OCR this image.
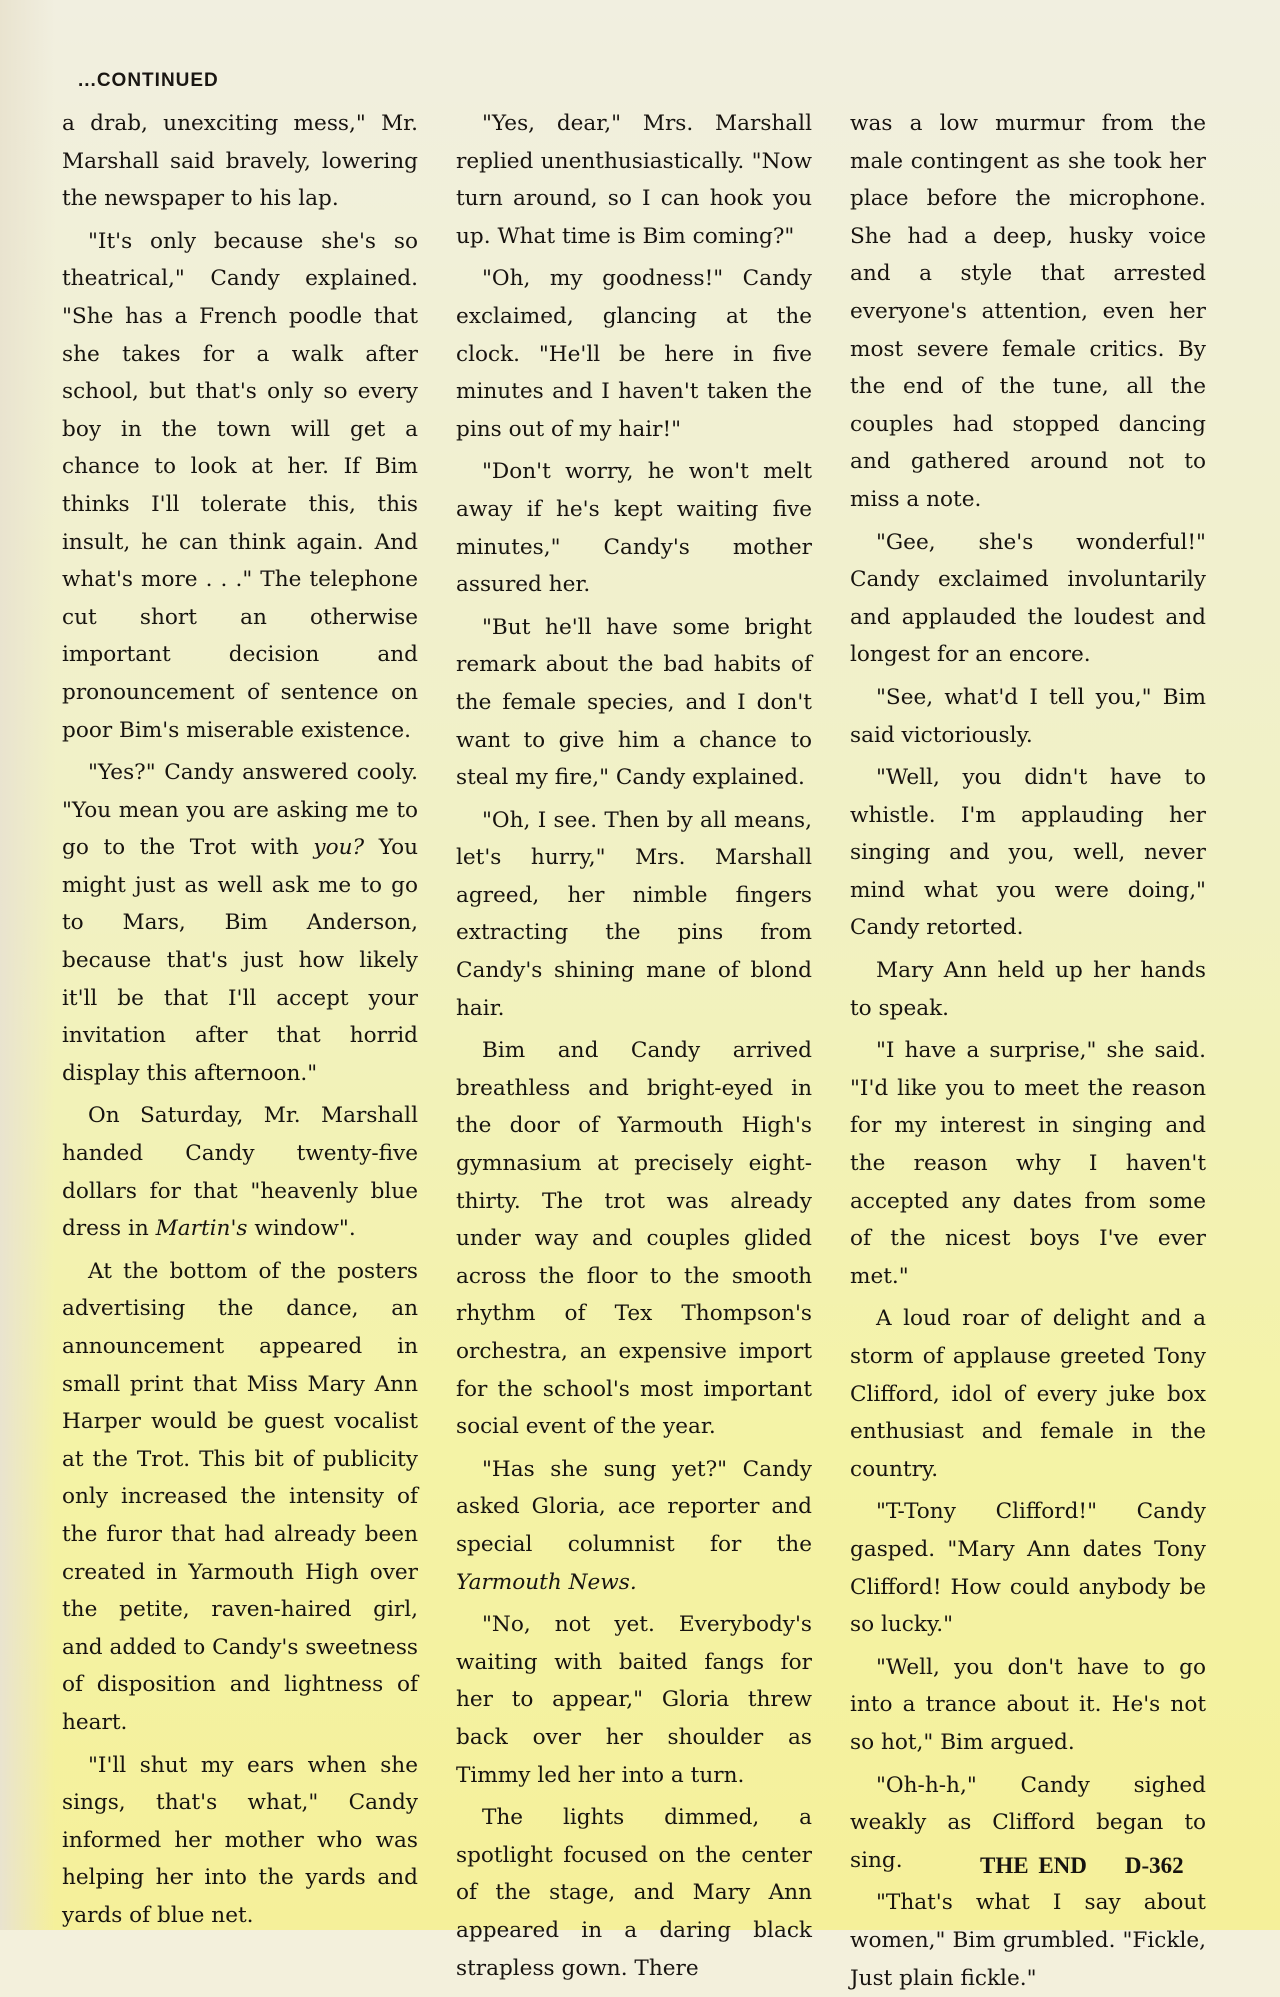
...CONTINUED

a drab, unexciting mess," Mr. Marshall said bravely, lowering the newspaper to his lap.

"It's only because she's so theatrical," Candy explained. "She has a French poodle that she takes for a walk after school, but that's only so every boy in the town will get a chance to look at her. If Bim thinks I'll tolerate this, this insult, he can think again. And what's more . . ." The telephone cut short an otherwise important decision and pronouncement of sentence on poor Bim's miserable existence.

"Yes?" Candy answered cooly. "You mean you are asking me to go to the Trot with you? You might just as well ask me to go to Mars, Bim Anderson, because that's just how likely it'll be that I'll accept your invitation after that horrid display this afternoon."

On Saturday, Mr. Marshall handed Candy twenty-five dollars for that "heavenly blue dress in Martin's window".

At the bottom of the posters advertising the dance, an announcement appeared in small print that Miss Mary Ann Harper would be guest vocalist at the Trot. This bit of publicity only increased the intensity of the furor that had already been created in Yarmouth High over the petite, raven-haired girl, and added to Candy's sweetness of disposition and lightness of heart.

"I'll shut my ears when she sings, that's what," Candy informed her mother who was helping her into the yards and yards of blue net.

"Yes, dear," Mrs. Marshall replied unenthusiastically. "Now turn around, so I can hook you up. What time is Bim coming?"

"Oh, my goodness!" Candy exclaimed, glancing at the clock. "He'll be here in five minutes and I haven't taken the pins out of my hair!"

"Don't worry, he won't melt away if he's kept waiting five minutes," Candy's mother assured her.

"But he'll have some bright remark about the bad habits of the female species, and I don't want to give him a chance to steal my fire," Candy explained.

"Oh, I see. Then by all means, let's hurry," Mrs. Marshall agreed, her nimble fingers extracting the pins from Candy's shining mane of blond hair.

Bim and Candy arrived breathless and bright-eyed in the door of Yarmouth High's gymnasium at precisely eight-thirty. The trot was already under way and couples glided across the floor to the smooth rhythm of Tex Thompson's orchestra, an expensive import for the school's most important social event of the year.

"Has she sung yet?" Candy asked Gloria, ace reporter and special columnist for the Yarmouth News.

"No, not yet. Everybody's waiting with baited fangs for her to appear," Gloria threw back over her shoulder as Timmy led her into a turn.

The lights dimmed, a spotlight focused on the center of the stage, and Mary Ann appeared in a daring black strapless gown. There

was a low murmur from the male contingent as she took her place before the microphone. She had a deep, husky voice and a style that arrested everyone's attention, even her most severe female critics. By the end of the tune, all the couples had stopped dancing and gathered around not to miss a note.

"Gee, she's wonderful!" Candy exclaimed involuntarily and applauded the loudest and longest for an encore.

"See, what'd I tell you," Bim said victoriously.

"Well, you didn't have to whistle. I'm applauding her singing and you, well, never mind what you were doing," Candy retorted.

Mary Ann held up her hands to speak.

"I have a surprise," she said. "I'd like you to meet the reason for my interest in singing and the reason why I haven't accepted any dates from some of the nicest boys I've ever met."

A loud roar of delight and a storm of applause greeted Tony Clifford, idol of every juke box enthusiast and female in the country.

"T-Tony Clifford!" Candy gasped. "Mary Ann dates Tony Clifford! How could anybody be so lucky."

"Well, you don't have to go into a trance about it. He's not so hot," Bim argued.

"Oh-h-h," Candy sighed weakly as Clifford began to sing.

"That's what I say about women," Bim grumbled. "Fickle, Just plain fickle."

THE END D-362
